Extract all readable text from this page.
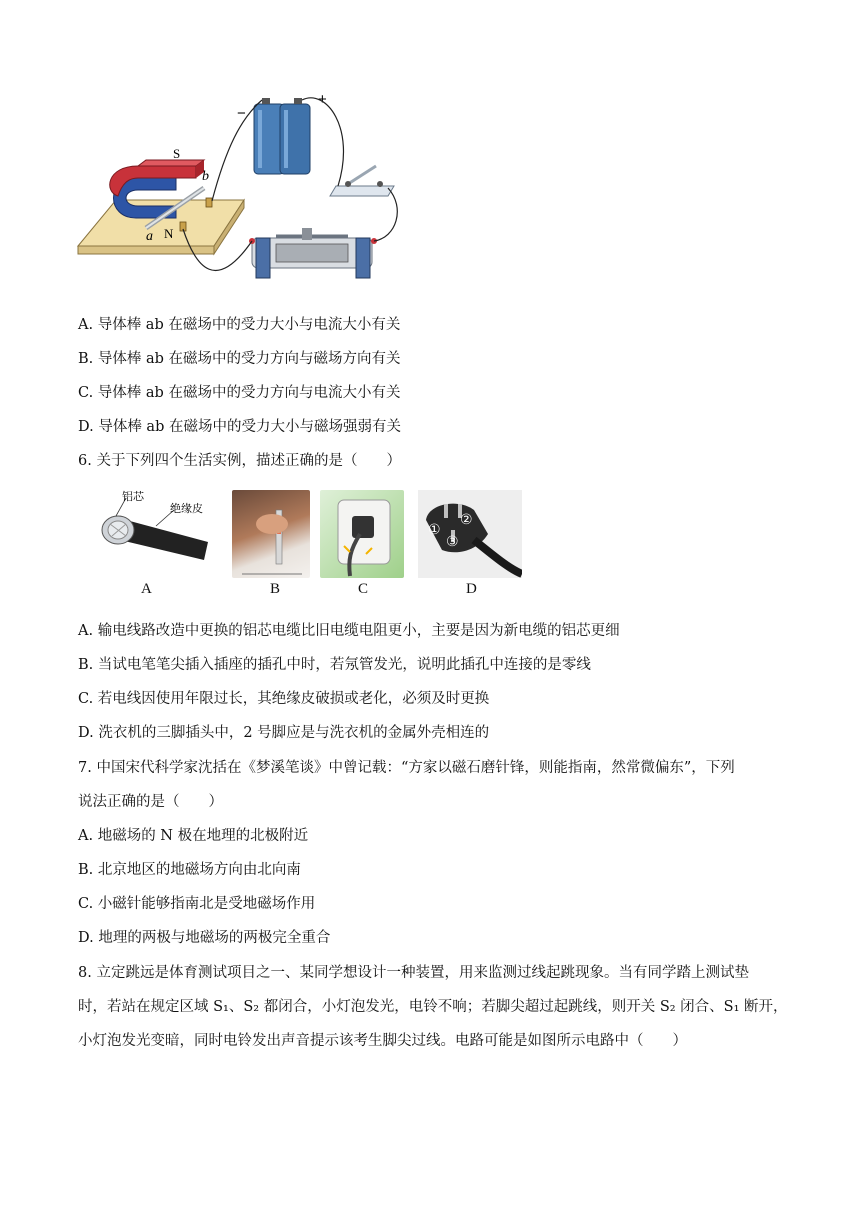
S
b
a N
−
+
A. 导体棒 ab 在磁场中的受力大小与电流大小有关
B. 导体棒 ab 在磁场中的受力方向与磁场方向有关
C. 导体棒 ab 在磁场中的受力方向与电流大小有关
D. 导体棒 ab 在磁场中的受力大小与磁场强弱有关
6. 关于下列四个生活实例，描述正确的是（　　）
铝芯
绝缘皮
①
②
③
A	B	C	D
A. 输电线路改造中更换的铝芯电缆比旧电缆电阻更小，主要是因为新电缆的铝芯更细
B. 当试电笔笔尖插入插座的插孔中时，若氖管发光，说明此插孔中连接的是零线
C. 若电线因使用年限过长，其绝缘皮破损或老化，必须及时更换
D. 洗衣机的三脚插头中，2 号脚应是与洗衣机的金属外壳相连的
7. 中国宋代科学家沈括在《梦溪笔谈》中曾记载：“方家以磁石磨针锋，则能指南，然常微偏东”，下列
说法正确的是（　　）
A. 地磁场的 N 极在地理的北极附近
B. 北京地区的地磁场方向由北向南
C. 小磁针能够指南北是受地磁场作用
D. 地理的两极与地磁场的两极完全重合
8. 立定跳远是体育测试项目之一、某同学想设计一种装置，用来监测过线起跳现象。当有同学踏上测试垫
时，若站在规定区域 S₁、S₂ 都闭合，小灯泡发光，电铃不响；若脚尖超过起跳线，则开关 S₂ 闭合、S₁ 断开，
小灯泡发光变暗，同时电铃发出声音提示该考生脚尖过线。电路可能是如图所示电路中（　　）
